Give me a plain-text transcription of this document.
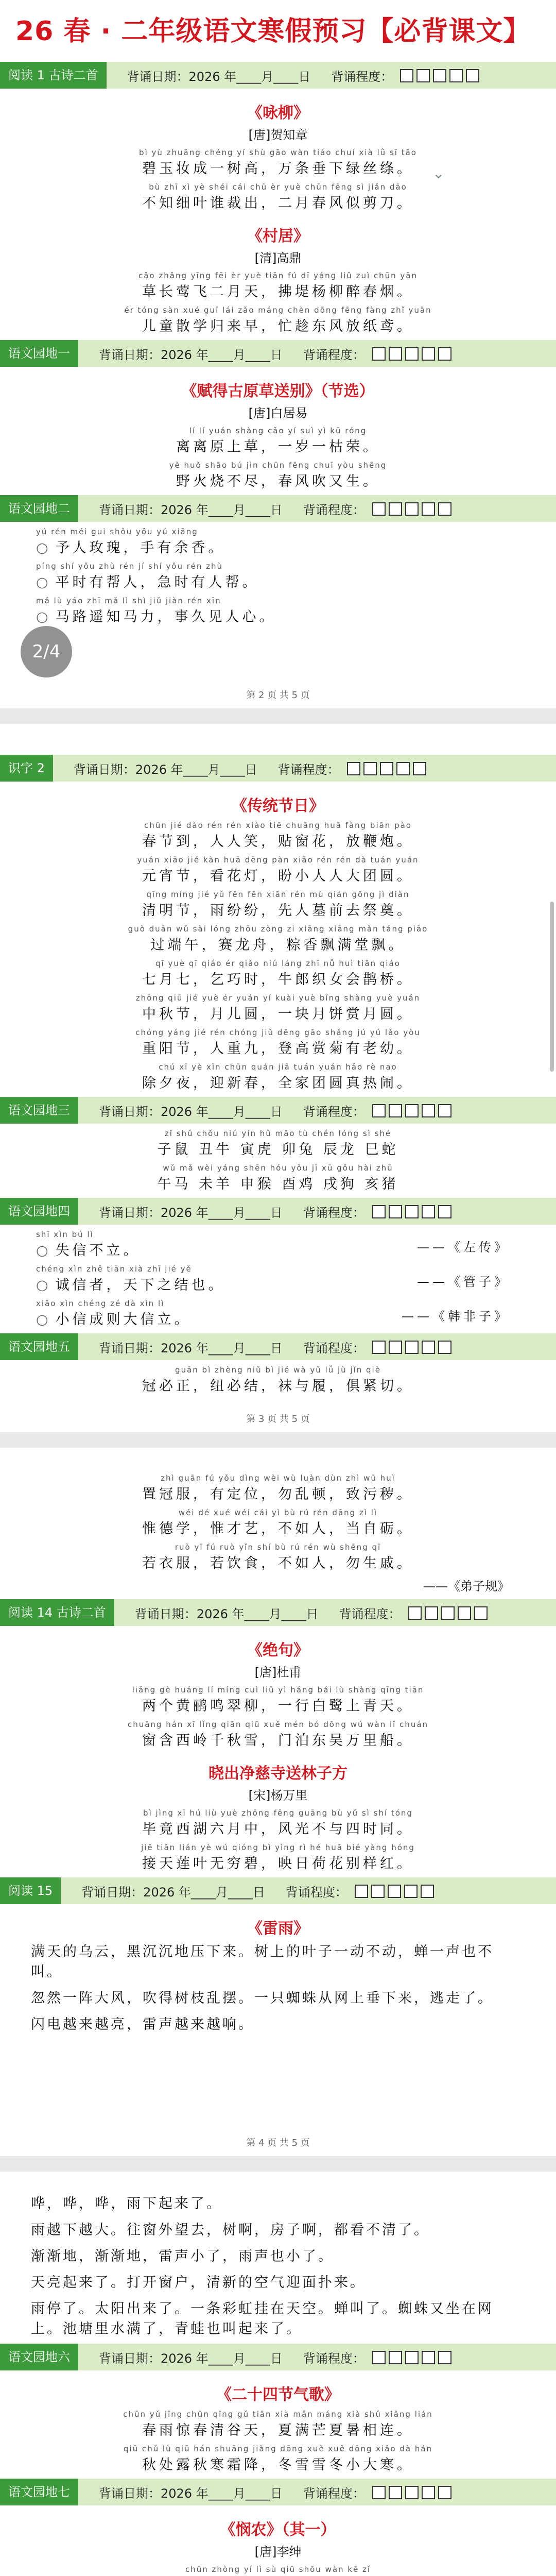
26 春 · 二年级语文寒假预习【必背课文】
⌄
阅读 1 古诗二首	背诵日期：2026 年____月____日 背诵程度：
《咏柳》
[唐]贺知章
bì yù zhuāng chéng yí shù gāo wàn tiáo chuí xià lǜ sī tāo
碧玉妆成一树高，万条垂下绿丝绦。
bù zhī xì yè shéi cái chū èr yuè chūn fēng sì jiǎn dāo
不知细叶谁裁出，二月春风似剪刀。
《村居》
[清]高鼎
cǎo zhǎng yīng fēi èr yuè tiān fú dī yáng liǔ zuì chūn yān
草长莺飞二月天，拂堤杨柳醉春烟。
ér tóng sàn xué guī lái zǎo máng chèn dōng fēng fàng zhǐ yuān
儿童散学归来早，忙趁东风放纸鸢。
语文园地一	背诵日期：2026 年____月____日 背诵程度：
《赋得古原草送别》（节选）
[唐]白居易
lí lí yuán shàng cǎo yí suì yì kū róng
离离原上草，一岁一枯荣。
yě huǒ shāo bú jìn chūn fēng chuī yòu shēng
野火烧不尽，春风吹又生。
语文园地二	背诵日期：2026 年____月____日 背诵程度：
yú rén méi gui shǒu yǒu yú xiāng
○ 予人玫瑰，手有余香。
píng shí yǒu zhù rén jí shí yǒu rén zhù
○ 平时有帮人，急时有人帮。
mǎ lù yáo zhī mǎ lì shì jiǔ jiàn rén xīn
○ 马路遥知马力，事久见人心。
第 2 页 共 5 页
识字 2	背诵日期：2026 年____月____日 背诵程度：
《传统节日》
chūn jié dào rén rén xiào tiē chuāng huā fàng biān pào
春节到，人人笑，贴窗花，放鞭炮。
yuán xiāo jié kàn huā dēng pàn xiǎo rén rén dà tuán yuán
元宵节，看花灯，盼小人人大团圆。
qīng míng jié yǔ fēn fēn xiān rén mù qián gōng jì diàn
清明节，雨纷纷，先人墓前去祭奠。
guò duān wǔ sài lóng zhōu zòng zi xiāng xiāng mǎn táng piāo
过端午，赛龙舟，粽香飘满堂飘。
qī yuè qī qiáo ér qiǎo niú láng zhī nǚ huì tiān qiáo
七月七，乞巧时，牛郎织女会鹊桥。
zhōng qiū jié yuè ér yuán yí kuài yuè bǐng shǎng yuè yuán
中秋节，月儿圆，一块月饼赏月圆。
chóng yáng jié rén chóng jiǔ dēng gāo shǎng jú yú lǎo yòu
重阳节，人重九，登高赏菊有老幼。
chú xī yè xīn chūn quán jiā tuán yuán hǎo rè nao
除夕夜，迎新春，全家团圆真热闹。
语文园地三	背诵日期：2026 年____月____日 背诵程度：
zǐ shǔ chǒu niú yín hǔ mǎo tù chén lóng sì shé
子鼠 丑牛 寅虎 卯兔 辰龙 巳蛇
wǔ mǎ wèi yáng shēn hóu yǒu jī xū gǒu hài zhū
午马 未羊 申猴 酉鸡 戌狗 亥猪
语文园地四	背诵日期：2026 年____月____日 背诵程度：
shī xìn bú lì
○ 失信不立。	——《左传》
chéng xìn zhě tiān xià zhī jié yě
○ 诚信者，天下之结也。	——《管子》
xiǎo xìn chéng zé dà xìn lì
○ 小信成则大信立。	——《韩非子》
语文园地五	背诵日期：2026 年____月____日 背诵程度：
guān bì zhèng niǔ bì jié wà yǔ lǚ jù jǐn qiè
冠必正，纽必结，袜与履，俱紧切。
第 3 页 共 5 页
zhì guān fú yǒu dìng wèi wù luàn dùn zhì wū huì
置冠服，有定位，勿乱顿，致污秽。
wéi dé xué wéi cái yì bù rú rén dāng zì lì
惟德学，惟才艺，不如人，当自砺。
ruò yī fú ruò yǐn shí bù rú rén wù shēng qī
若衣服，若饮食，不如人，勿生戚。
——《弟子规》
阅读 14 古诗二首	背诵日期：2026 年____月____日 背诵程度：
《绝句》
[唐]杜甫
liǎng gè huáng lí míng cuì liǔ yì háng bái lù shàng qīng tiān
两个黄鹂鸣翠柳，一行白鹭上青天。
chuāng hán xī lǐng qiān qiū xuě mén bó dōng wú wàn lǐ chuán
窗含西岭千秋雪，门泊东吴万里船。
晓出净慈寺送林子方
[宋]杨万里
bì jìng xī hú liù yuè zhōng fēng guāng bù yǔ sì shí tóng
毕竟西湖六月中，风光不与四时同。
jiē tiān lián yè wú qióng bì yìng rì hé huā bié yàng hóng
接天莲叶无穷碧，映日荷花别样红。
阅读 15	背诵日期：2026 年____月____日 背诵程度：
《雷雨》

满天的乌云，黑沉沉地压下来。树上的叶子一动不动，蝉一声也不叫。

忽然一阵大风，吹得树枝乱摆。一只蜘蛛从网上垂下来，逃走了。

闪电越来越亮，雷声越来越响。

第 4 页 共 5 页

哗，哗，哗，雨下起来了。

雨越下越大。往窗外望去，树啊，房子啊，都看不清了。

渐渐地，渐渐地，雷声小了，雨声也小了。

天亮起来了。打开窗户，清新的空气迎面扑来。

雨停了。太阳出来了。一条彩虹挂在天空。蝉叫了。蜘蛛又坐在网上。池塘里水满了，青蛙也叫起来了。

语文园地六	背诵日期：2026 年____月____日 背诵程度：
《二十四节气歌》
chūn yǔ jīng chūn qīng gǔ tiān xià mǎn máng xià shǔ xiāng lián
春雨惊春清谷天，夏满芒夏暑相连。
qiū chǔ lù qiū hán shuāng jiàng dōng xuě xuě dōng xiǎo dà hán
秋处露秋寒霜降，冬雪雪冬小大寒。
语文园地七	背诵日期：2026 年____月____日 背诵程度：
《悯农》（其一）
[唐]李绅
chūn zhòng yí lì sù qiū shōu wàn kē zǐ
2/4
